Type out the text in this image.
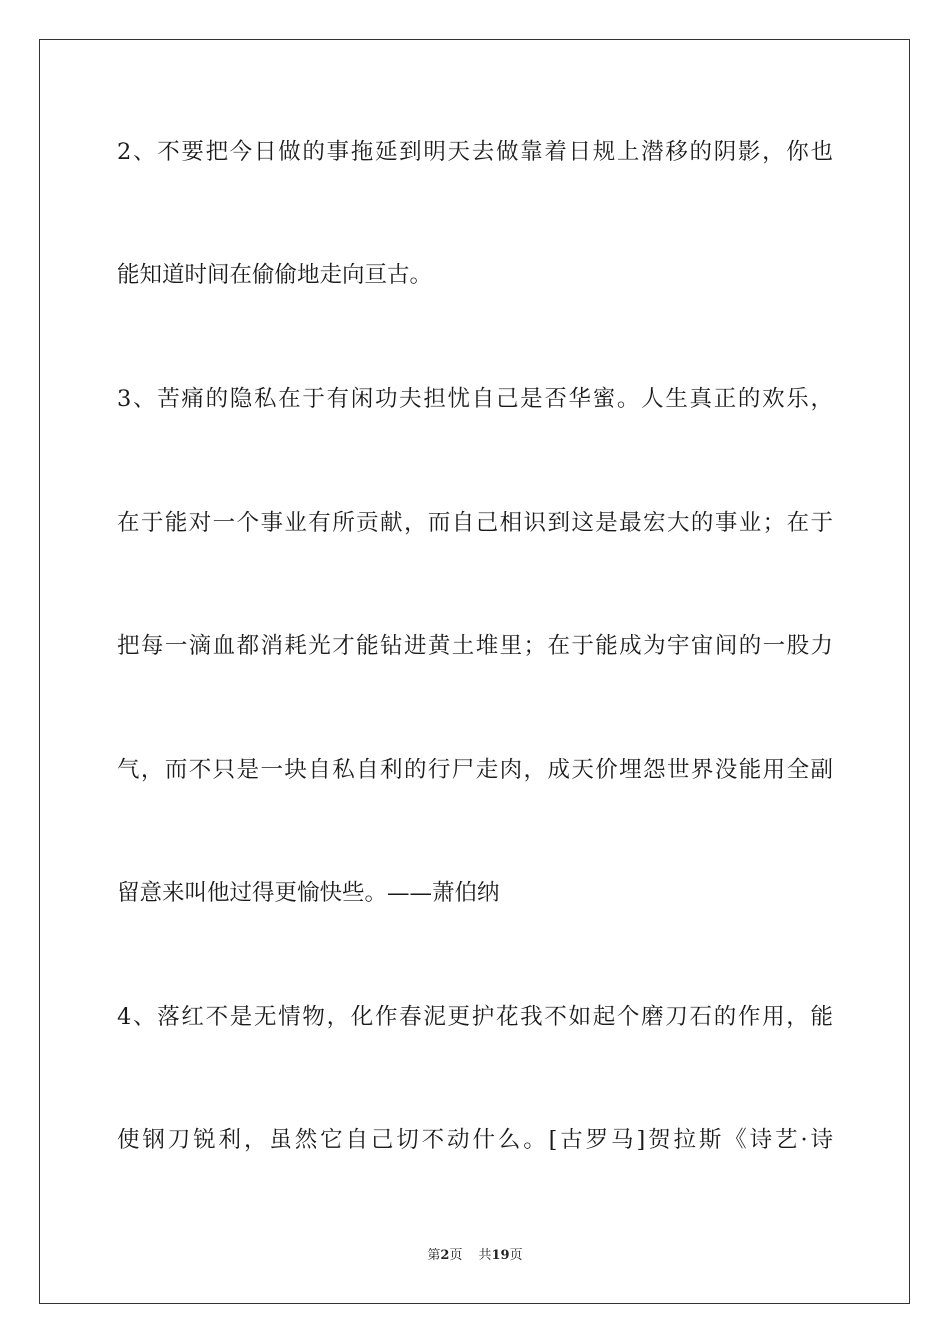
2、不要把今日做的事拖延到明天去做靠着日规上潜移的阴影，你也
能知道时间在偷偷地走向亘古。
3、苦痛的隐私在于有闲功夫担忧自己是否华蜜。人生真正的欢乐，
在于能对一个事业有所贡献，而自己相识到这是最宏大的事业；在于
把每一滴血都消耗光才能钻进黄土堆里；在于能成为宇宙间的一股力
气，而不只是一块自私自利的行尸走肉，成天价埋怨世界没能用全副
留意来叫他过得更愉快些。——萧伯纳
4、落红不是无情物，化作春泥更护花我不如起个磨刀石的作用，能
使钢刀锐利，虽然它自己切不动什么。[古罗马]贺拉斯《诗艺·诗
第2页 共19页
